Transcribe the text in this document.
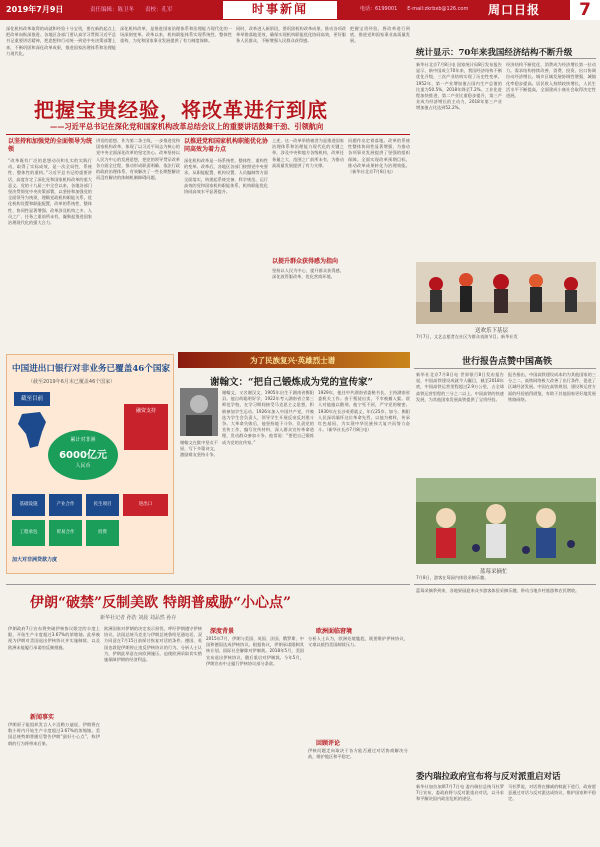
2019年7月9日	责任编辑：陈卫冬　　责校：孔军	时事新闻	电话：6199001　　E-mail:zkrbxb@126.com 周口日报	7
深化机构改革取得的成就和经验十分宝贵，要在新的起点上把改革向纵深推进。各地区各部门要认真学习贯彻习近平总书记重要讲话精神，把思想和行动统一到党中央决策部署上来，不断巩固和深化改革成果，推进国家治理体系和治理能力现代化。
深化机构改革，是推进国家治理体系和治理能力现代化的一场深刻变革。改革以来，机构职能体系实现系统性、整体性重构，为党和国家事业发展提供了有力制度保障。
同时，改革进入新阶段，要巩固机构改革成果，推动各项改革举措落地见效，确保实现机构职能优化协同高效，更好服务人民群众，不断增强人民群众获得感。
把握宝贵经验，将改革进行到底，推进党和国家事业高质量发展。
把握宝贵经验，将改革进行到底
——习近平总书记在深化党和国家机构改革总结会议上的重要讲话鼓舞干劲、引领航向
以坚持和加强党的全面领导为统领
“改革既有广泛的思想动员和扎实的实践行动，取得了实际成效，是一次全局性、系统性、整体性的重构。”习近平总书记的重要讲话，高度肯定了深化党和国家机构改革的重大意义。党的十九届三中全会以来，各地各部门坚决贯彻党中央决策部署，以坚持和加强党的全面领导为统领，理顺党政机构职能关系，优化机构设置和职能配置，改革的系统性、整体性、协同性显著增强。改革涉及机构之多、人员之广、任务之重前所未有，凝聚起推进国家治理现代化的强大合力。
讲话的思想、作为第二条主线，一步推进党和国家机构改革，体现了以习近平同志为核心的党中央全面深化改革的坚定决心。改革坚持以人民为中心的发展思想，把党的领导贯穿改革各方面全过程，推动形成职责明确、依法行政的政府治理体系，有效解决了一些长期想解决而没有解决的体制机制障碍问题。
以推进党和国家机构职能优化协同高效为着力点
深化机构改革是一场系统性、整体性、重构性的变革。改革后，各地区各部门按照党中央要求，从职能配置、机构设置、人员编制等方面全面落实，构建起系统完备、科学规范、运行高效的党和国家机构职能体系，机构职能优化协同高效水平显著提升。
上述，这一改革举措被誉为是推进国家治理体系和治理能力现代化的关键之举，涉及中央和地方各级机构，改革任务量之大、范围之广前所未有，为推动高质量发展提供了有力支撑。
以提升群众获得感为指向
坚持以人民为中心，提升群众获得感，深化放管服改革，优化营商环境。
问题作出定着落地。改革的系统性整体协同性显著增强，为推动各项事业发展提供了坚强的组织保障。全面实现改革预期目标，推动改革成果转化为治理效能。（新华社北京7月8日电）
统计显示：70年来我国经济结构不断升级
新华社北京7月8日电 国家统计局8日发布报告显示，新中国成立70年来，我国经济结构不断优化升级，三次产业结构实现了历史性变革。1952年，第一产业增加值占国内生产总值的比重为50.5%，2018年降至7.2%。工业化进程加快推进，第二产业比重稳步提升，第三产业成为经济增长的主动力，2018年第三产业增加值占比达到52.2%。
经济结构不断优化，消费成为经济增长第一拉动力。需求结构持续改善，消费、投资、出口协调拉动经济增长。城乡区域发展协调性增强，城镇化率稳步提高。居民收入持续较快增长，人民生活水平不断提高，全面建成小康社会取得决定性进展。
送欢乐下基层
7月7日，文艺志愿者在社区为群众表演节目。新华社发
中国进出口银行对非业务已覆盖46个国家
（截至2019年6月末已覆盖46个国家）
截至目前
累计对非洲
6000亿元
人民币
融资支持
基础设施	产业合作	民生项目	进出口
工程承包	贸易合作	投资
加大对非洲贷款力度
为了民族复兴·英雄烈士谱
谢翰文：“把自己锻炼成为党的宣传家”
谢翰文，又名谢汉文，1905年出生于湖南省衡阳县。他自幼聪明好学，1922年考入湖南省立第三师范学校，在学习期间接受马克思主义思想，积极参加学生运动。1926年加入中国共产党，并被选为学生会负责人，领导学生开展反帝反封建斗争。大革命失败后，他坚持地下斗争，负责党的宣传工作，编写宣传材料，深入群众宣传革命道理，发动群众参加斗争。他常说：“要把自己锻炼成为党的宣传家。”
1929年，他任中共湖南省委秘书长，主持湖南省委机关工作。由于叛徒出卖，不幸被捕入狱。敌人对他施以酷刑，他宁死不屈，严守党的秘密。1930年在长沙英勇就义，年仅25岁。如今，衡阳人民深切缅怀这位革命先烈，以他为榜样，传承红色基因，为实现中华民族伟大复兴而努力奋斗。（新华社长沙7月8日电）
谢翰文在狱中坚贞不屈，写下多篇诗文，激励难友坚持斗争。
世行报告点赞中国高铁
新华社北京7月8日电 世界银行8日发布报告说，中国高铁建设成就令人瞩目，截至2018年底，中国高铁运营里程超过2.9万公里，占全球高铁运营里程的三分之二以上。中国高铁的快速发展，为其他国家发展高铁提供了宝贵经验。
报告指出，中国高铁建设成本约为其他国家的三分之二，高铁网络极大改善了出行条件，促进了区域经济发展。中国在高铁规划、建设和运营方面的经验值得借鉴，有助于其他国家更好地发展铁路网络。
蓝莓采摘忙
7月8日，游客在莓园内体验采摘乐趣。
伊朗“破禁”反制美欧 特朗普威胁“小心点”
新华社记者 孙浩 刘晨 刘品然 孙存
伊朗政府7日宣布将突破伊核协议限定的丰度上限，开始生产丰度超过3.67%的浓缩铀。此举被视为伊朗对美国退出伊核协议并实施制裁、以及欧洲未能履行承诺的反制措施。
新闻事实
伊朗原子能组织发言人卡迈勒万迪说，伊朗将在数小时内开始生产丰度超过3.67%的浓缩铀。美国总统特朗普随后警告伊朗“最好小心点”，称伊朗的行为将带来后果。
欧洲国家对伊朗的决定表示担忧，呼吁伊朗遵守伊核协议。法国总统马克龙与伊朗总统鲁哈尼通电话，双方同意在7月15日前探讨恢复对话的条件。德国、英国也敦促伊朗停止违反伊核协议的行为。分析人士认为，伊朗此举意在向欧洲施压，迫使欧洲采取切实措施保障伊朗的经济利益。
深度背景
2015年7月，伊朗与美国、英国、法国、俄罗斯、中国和德国达成伊核协议。根据协议，伊朗承诺限制其核计划，国际社会解除对伊制裁。2018年5月，美国宣布退出伊核协议，随后重启对伊制裁。今年5月，伊朗宣布中止履行伊核协议部分条款。
欧洲面临窘境
分析人士认为，欧洲处境尴尬，既要维护伊核协议，又难以抵挡美国制裁压力。
回顾评论
伊核问题走向取决于各方能否通过对话协商解决分歧，维护地区和平稳定。
委内瑞拉政府宣布将与反对派重启对话
蓝莓采摘季到来，各地果园迎来众多游客体验采摘乐趣，带动当地乡村旅游和农民增收。
新华社加拉加斯7月7日电 委内瑞拉总统马杜罗7日宣布，委政府将与反对派重启对话，以寻求和平解决国内政治危机的途径。
马杜罗说，对话将在挪威的斡旋下进行，政府愿意通过对话与反对派达成协议，维护国家和平稳定。
